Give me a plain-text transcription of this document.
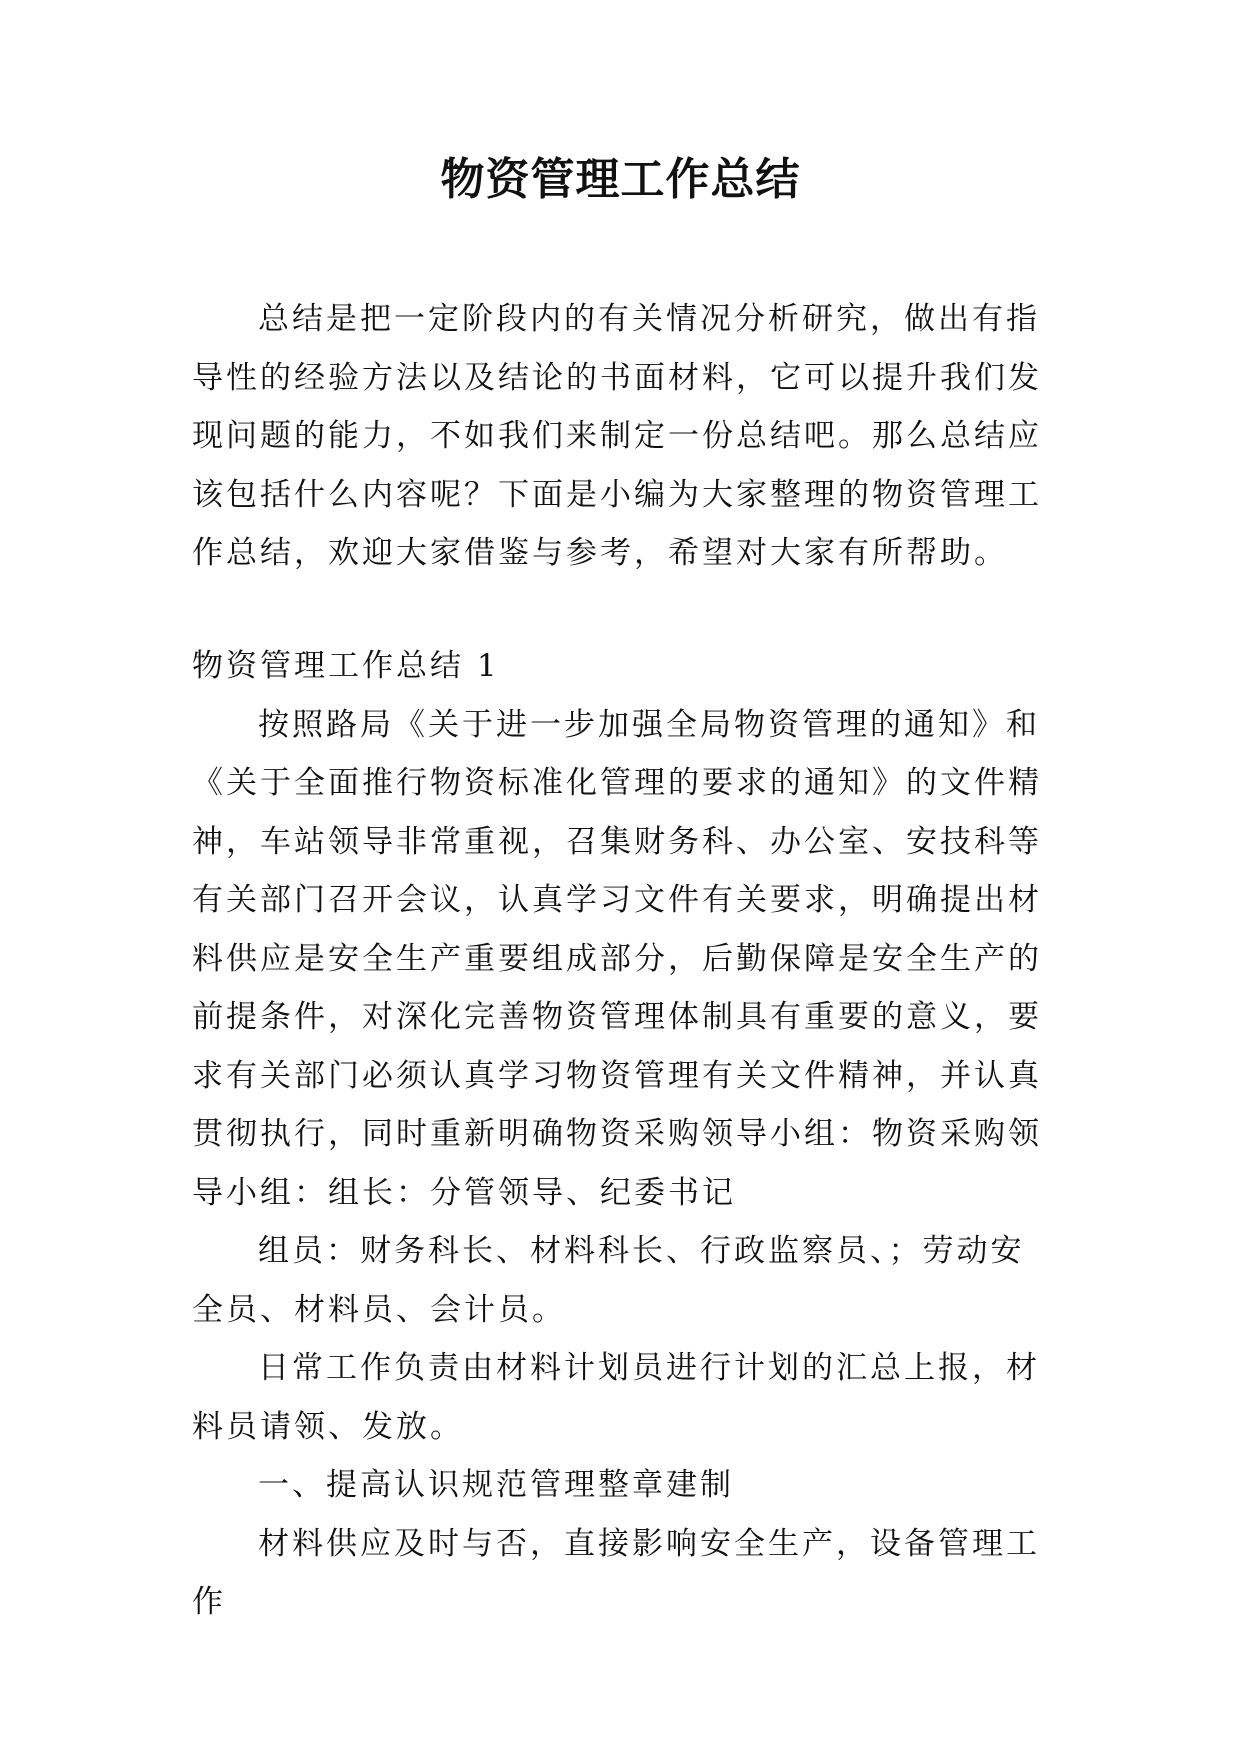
物资管理工作总结

总结是把一定阶段内的有关情况分析研究，做出有指导性的经验方法以及结论的书面材料，它可以提升我们发现问题的能力，不如我们来制定一份总结吧。那么总结应该包括什么内容呢？下面是小编为大家整理的物资管理工作总结，欢迎大家借鉴与参考，希望对大家有所帮助。

物资管理工作总结 1

按照路局《关于进一步加强全局物资管理的通知》和《关于全面推行物资标准化管理的要求的通知》的文件精神，车站领导非常重视，召集财务科、办公室、安技科等有关部门召开会议，认真学习文件有关要求，明确提出材料供应是安全生产重要组成部分，后勤保障是安全生产的前提条件，对深化完善物资管理体制具有重要的意义，要求有关部门必须认真学习物资管理有关文件精神，并认真贯彻执行，同时重新明确物资采购领导小组：物资采购领导小组：组长：分管领导、纪委书记

组员：财务科长、材料科长、行政监察员、；劳动安全员、材料员、会计员。

日常工作负责由材料计划员进行计划的汇总上报，材料员请领、发放。

一、提高认识规范管理整章建制

材料供应及时与否，直接影响安全生产，设备管理工作
